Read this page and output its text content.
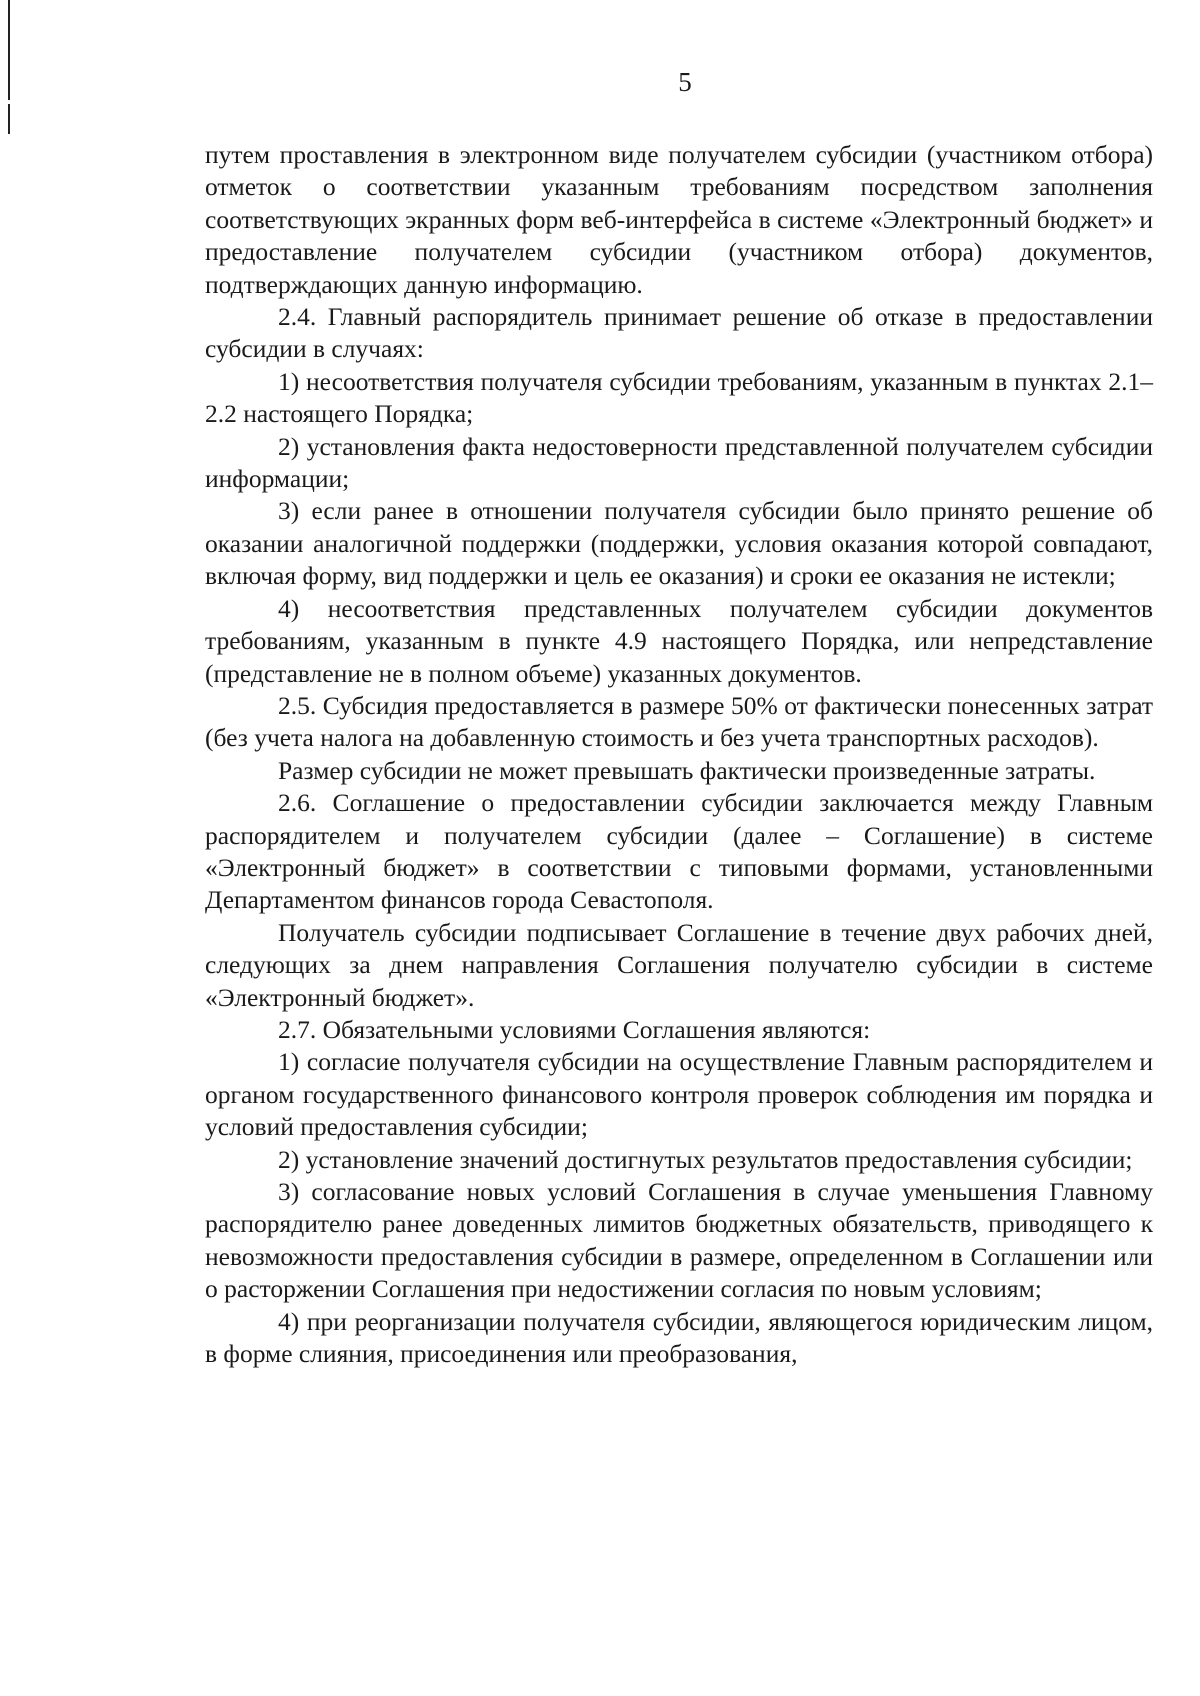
5

путем проставления в электронном виде получателем субсидии (участником отбора) отметок о соответствии указанным требованиям посредством заполнения соответствующих экранных форм веб-интерфейса в системе «Электронный бюджет» и предоставление получателем субсидии (участником отбора) документов, подтверждающих данную информацию.

2.4. Главный распорядитель принимает решение об отказе в предоставлении субсидии в случаях:

1) несоответствия получателя субсидии требованиям, указанным в пунктах 2.1–2.2 настоящего Порядка;

2) установления факта недостоверности представленной получателем субсидии информации;

3) если ранее в отношении получателя субсидии было принято решение об оказании аналогичной поддержки (поддержки, условия оказания которой совпадают, включая форму, вид поддержки и цель ее оказания) и сроки ее оказания не истекли;

4) несоответствия представленных получателем субсидии документов требованиям, указанным в пункте 4.9 настоящего Порядка, или непредставление (представление не в полном объеме) указанных документов.

2.5. Субсидия предоставляется в размере 50% от фактически понесенных затрат (без учета налога на добавленную стоимость и без учета транспортных расходов).

Размер субсидии не может превышать фактически произведенные затраты.

2.6. Соглашение о предоставлении субсидии заключается между Главным распорядителем и получателем субсидии (далее – Соглашение) в системе «Электронный бюджет» в соответствии с типовыми формами, установленными Департаментом финансов города Севастополя.

Получатель субсидии подписывает Соглашение в течение двух рабочих дней, следующих за днем направления Соглашения получателю субсидии в системе «Электронный бюджет».

2.7. Обязательными условиями Соглашения являются:

1) согласие получателя субсидии на осуществление Главным распорядителем и органом государственного финансового контроля проверок соблюдения им порядка и условий предоставления субсидии;

2) установление значений достигнутых результатов предоставления субсидии;

3) согласование новых условий Соглашения в случае уменьшения Главному распорядителю ранее доведенных лимитов бюджетных обязательств, приводящего к невозможности предоставления субсидии в размере, определенном в Соглашении или о расторжении Соглашения при недостижении согласия по новым условиям;

4) при реорганизации получателя субсидии, являющегося юридическим лицом, в форме слияния, присоединения или преобразования,
